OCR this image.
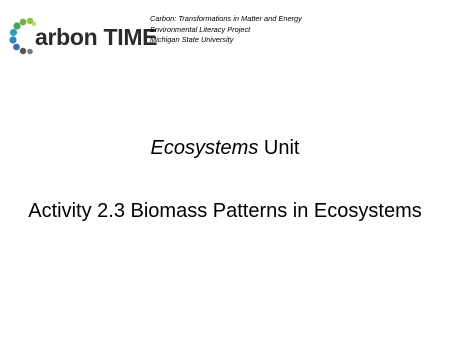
arbon TIME
Carbon: Transformations in Matter and Energy
Environmental Literacy Project
Michigan State University
Ecosystems Unit
Activity 2.3 Biomass Patterns in Ecosystems
